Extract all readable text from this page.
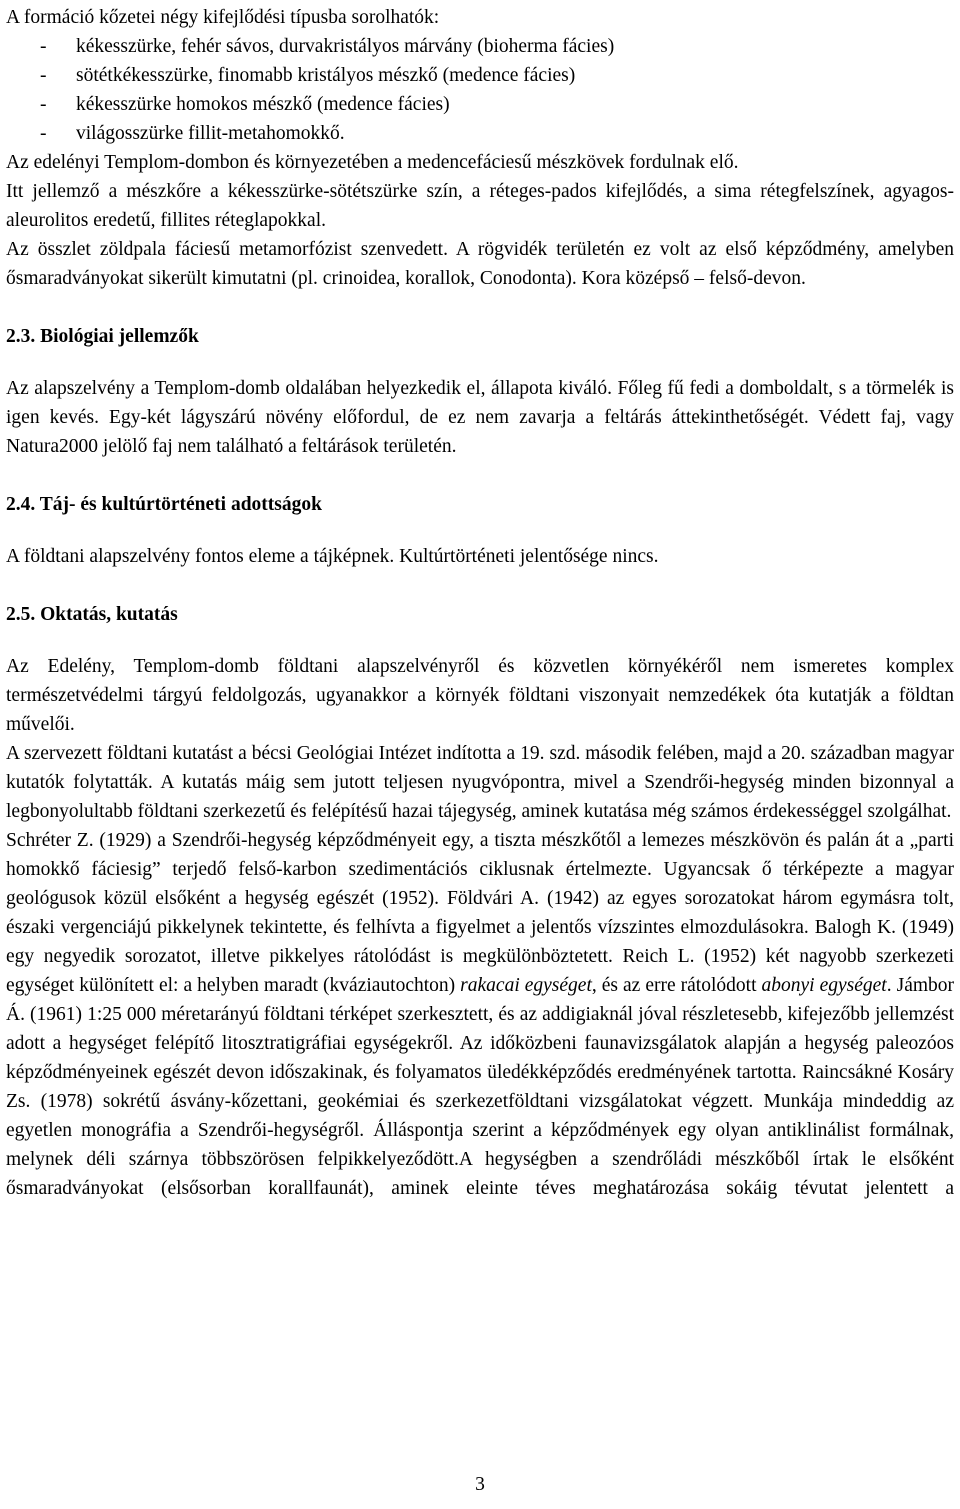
A formáció kőzetei négy kifejlődési típusba sorolhatók:

- kékesszürke, fehér sávos, durvakristályos márvány (bioherma fácies)
- sötétkékesszürke, finomabb kristályos mészkő (medence fácies)
- kékesszürke homokos mészkő (medence fácies)
- világosszürke fillit-metahomokkő.

Az edelényi Templom-dombon és környezetében a medencefáciesű mészkövek fordulnak elő.

Itt jellemző a mészkőre a kékesszürke-sötétszürke szín, a réteges-pados kifejlődés, a sima rétegfelszínek, agyagos-aleurolitos eredetű, fillites réteglapokkal.

Az összlet zöldpala fáciesű metamorfózist szenvedett. A rögvidék területén ez volt az első képződmény, amelyben ősmaradványokat sikerült kimutatni (pl. crinoidea, korallok, Conodonta). Kora középső – felső-devon.

2.3. Biológiai jellemzők

Az alapszelvény a Templom-domb oldalában helyezkedik el, állapota kiváló. Főleg fű fedi a domboldalt, s a törmelék is igen kevés. Egy-két lágyszárú növény előfordul, de ez nem zavarja a feltárás áttekinthetőségét. Védett faj, vagy Natura2000 jelölő faj nem található a feltárások területén.

2.4. Táj- és kultúrtörténeti adottságok

A földtani alapszelvény fontos eleme a tájképnek. Kultúrtörténeti jelentősége nincs.

2.5. Oktatás, kutatás

Az Edelény, Templom-domb földtani alapszelvényről és közvetlen környékéről nem ismeretes komplex természetvédelmi tárgyú feldolgozás, ugyanakkor a környék földtani viszonyait nemzedékek óta kutatják a földtan művelői.

A szervezett földtani kutatást a bécsi Geológiai Intézet indította a 19. szd. második felében, majd a 20. században magyar kutatók folytatták. A kutatás máig sem jutott teljesen nyugvópontra, mivel a Szendrői-hegység minden bizonnyal a legbonyolultabb földtani szerkezetű és felépítésű hazai tájegység, aminek kutatása még számos érdekességgel szolgálhat.

Schréter Z. (1929) a Szendrői-hegység képződményeit egy, a tiszta mészkőtől a lemezes mészkövön és palán át a „parti homokkő fáciesig” terjedő felső-karbon szedimentációs ciklusnak értelmezte. Ugyancsak ő térképezte a magyar geológusok közül elsőként a hegység egészét (1952). Földvári A. (1942) az egyes sorozatokat három egymásra tolt, északi vergenciájú pikkelynek tekintette, és felhívta a figyelmet a jelentős vízszintes elmozdulásokra. Balogh K. (1949) egy negyedik sorozatot, illetve pikkelyes rátolódást is megkülönböztetett. Reich L. (1952) két nagyobb szerkezeti egységet különített el: a helyben maradt (kváziautochton) rakacai egységet, és az erre rátolódott abonyi egységet. Jámbor Á. (1961) 1:25 000 méretarányú földtani térképet szerkesztett, és az addigiaknál jóval részletesebb, kifejezőbb jellemzést adott a hegységet felépítő litosztratigráfiai egységekről. Az időközbeni faunavizsgálatok alapján a hegység paleozóos képződményeinek egészét devon időszakinak, és folyamatos üledékképződés eredményének tartotta. Raincsákné Kosáry Zs. (1978) sokrétű ásvány-kőzettani, geokémiai és szerkezetföldtani vizsgálatokat végzett. Munkája mindeddig az egyetlen monográfia a Szendrői-hegységről. Álláspontja szerint a képződmények egy olyan antiklinálist formálnak, melynek déli szárnya többszörösen felpikkelyeződött.A hegységben a szendrőládi mészkőből írtak le elsőként ősmaradványokat (elsősorban korallfaunát), aminek eleinte téves meghatározása sokáig tévutat jelentett a

3
